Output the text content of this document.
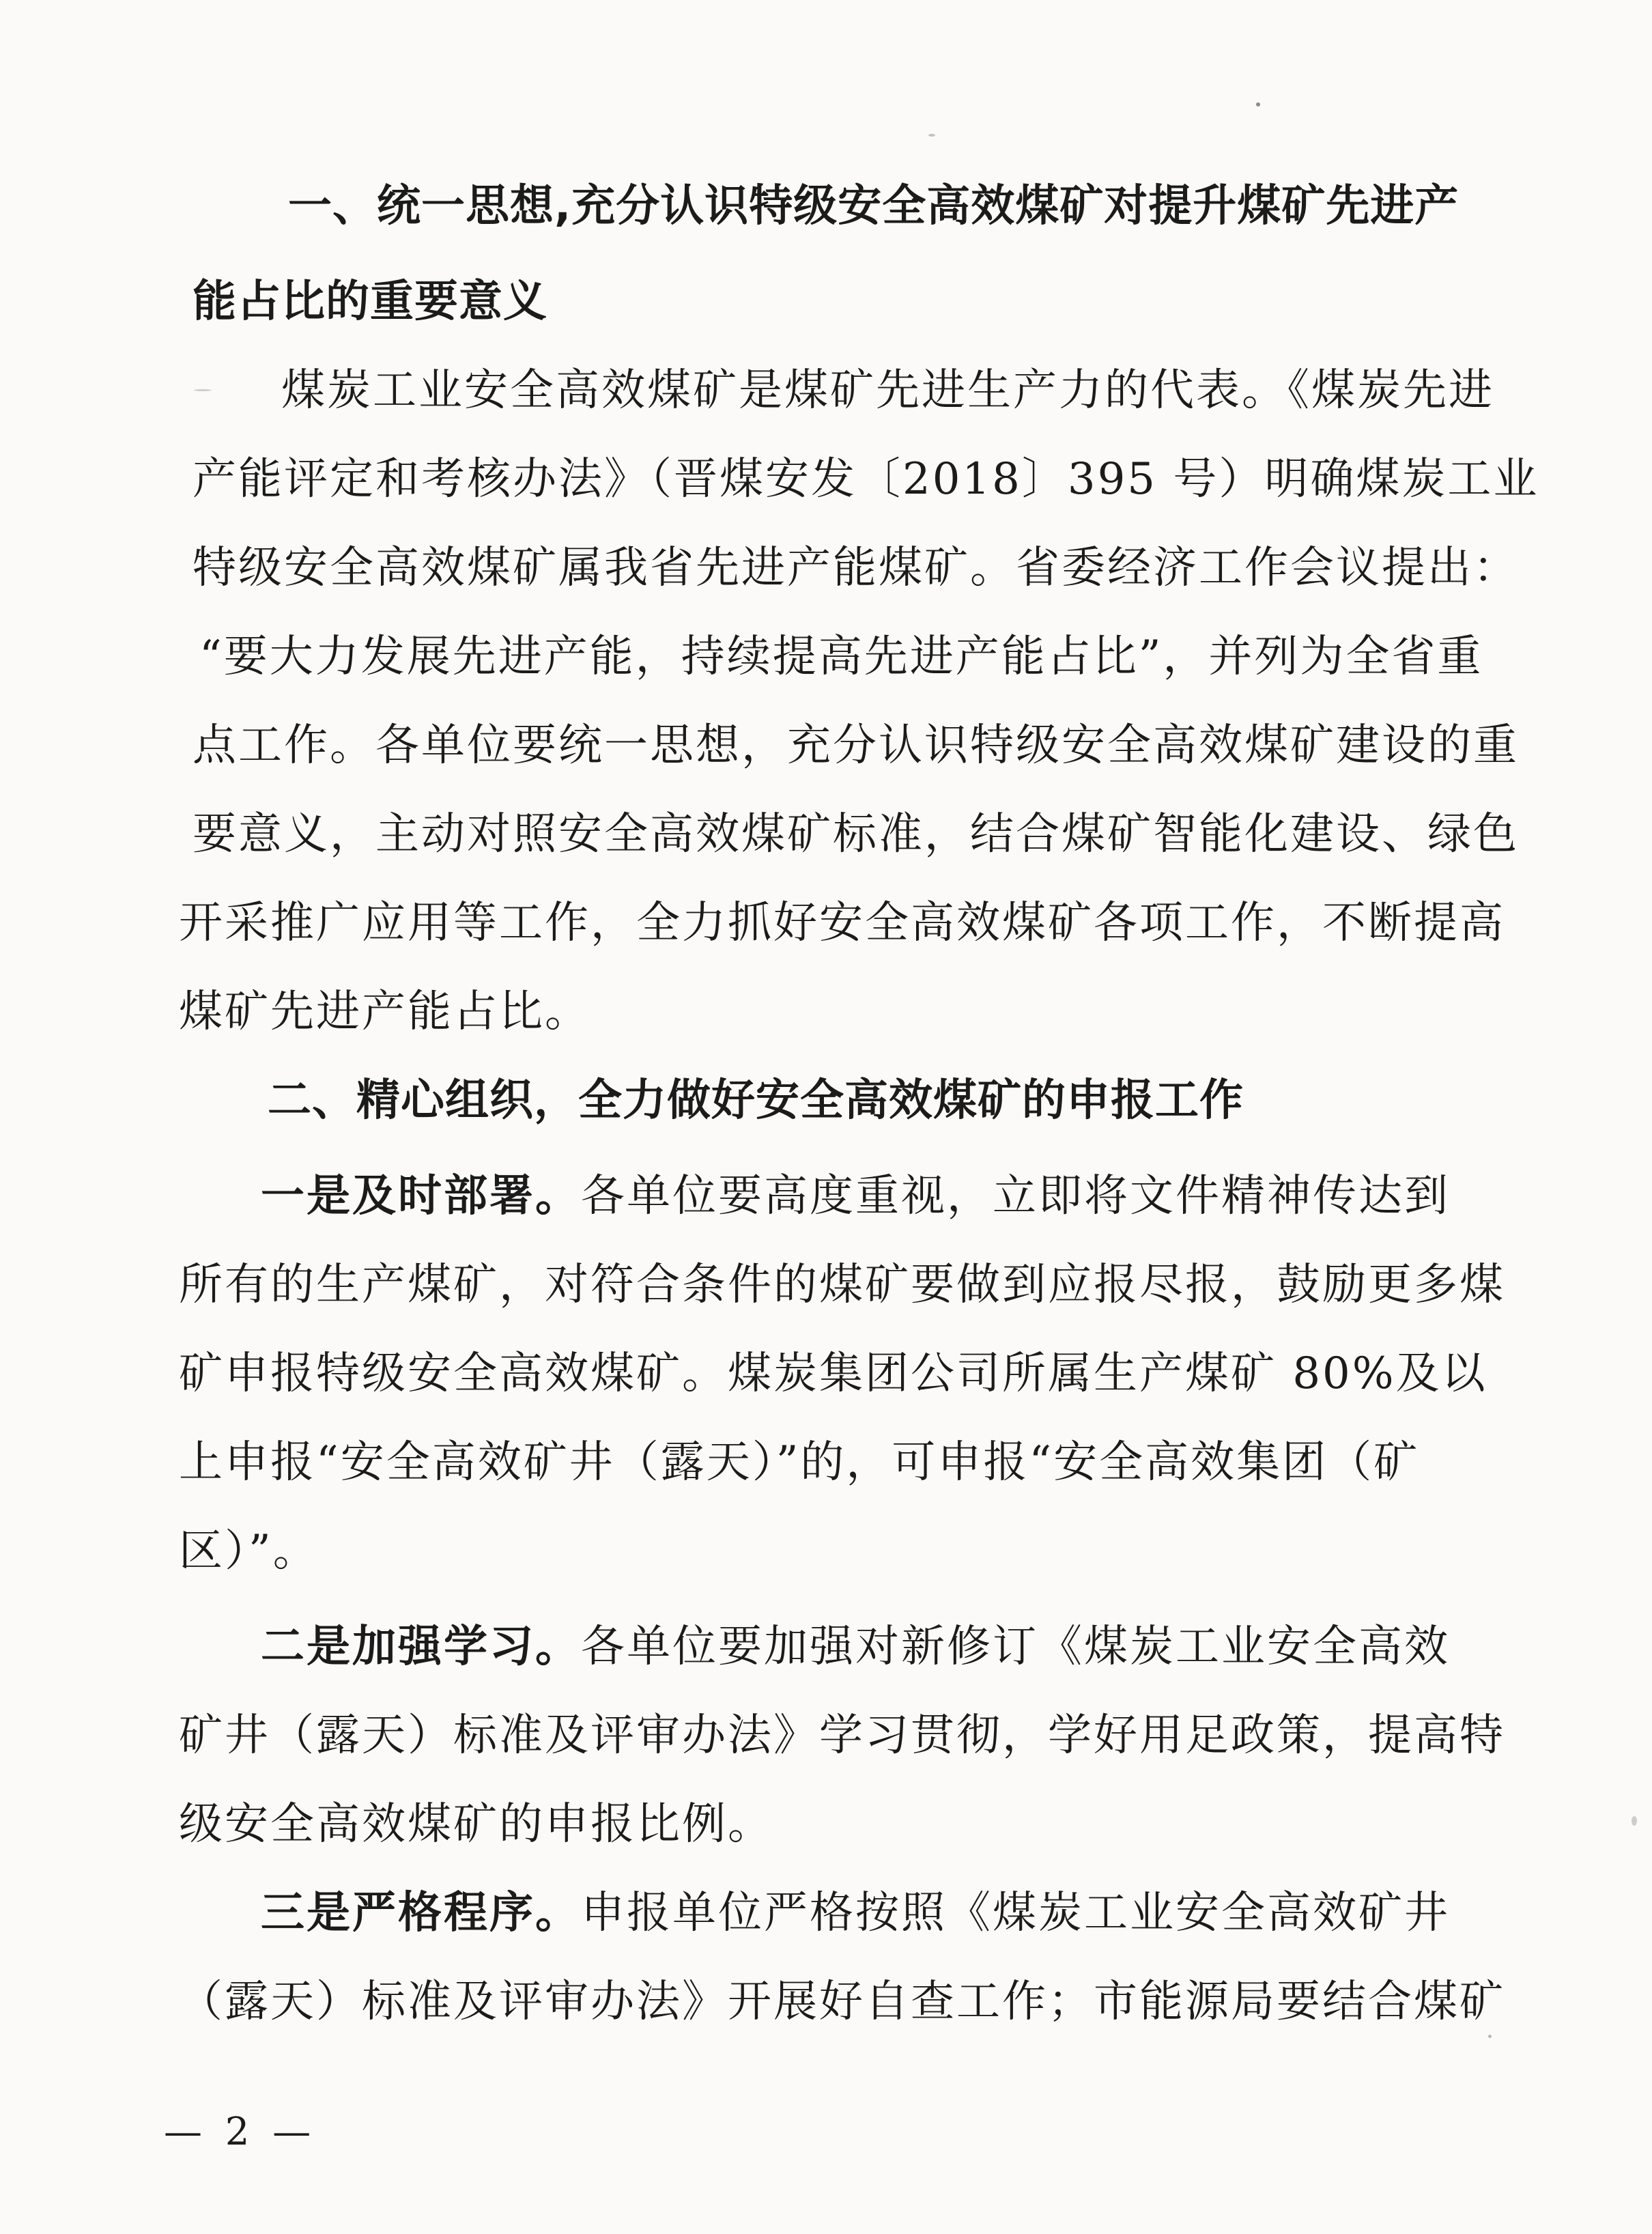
一、统一思想,充分认识特级安全高效煤矿对提升煤矿先进产
能占比的重要意义
煤炭工业安全高效煤矿是煤矿先进生产力的代表。《煤炭先进
产能评定和考核办法》（晋煤安发〔2018〕395 号）明确煤炭工业
特级安全高效煤矿属我省先进产能煤矿。省委经济工作会议提出：
“要大力发展先进产能，持续提高先进产能占比”，并列为全省重
点工作。各单位要统一思想，充分认识特级安全高效煤矿建设的重
要意义，主动对照安全高效煤矿标准，结合煤矿智能化建设、绿色
开采推广应用等工作，全力抓好安全高效煤矿各项工作，不断提高
煤矿先进产能占比。
二、精心组织，全力做好安全高效煤矿的申报工作
一是及时部署。各单位要高度重视，立即将文件精神传达到
所有的生产煤矿，对符合条件的煤矿要做到应报尽报，鼓励更多煤
矿申报特级安全高效煤矿。煤炭集团公司所属生产煤矿 80%及以
上申报“安全高效矿井（露天）”的，可申报“安全高效集团（矿
区）”。
二是加强学习。各单位要加强对新修订《煤炭工业安全高效
矿井（露天）标准及评审办法》学习贯彻，学好用足政策，提高特
级安全高效煤矿的申报比例。
三是严格程序。申报单位严格按照《煤炭工业安全高效矿井
（露天）标准及评审办法》开展好自查工作；市能源局要结合煤矿
— 2 —
